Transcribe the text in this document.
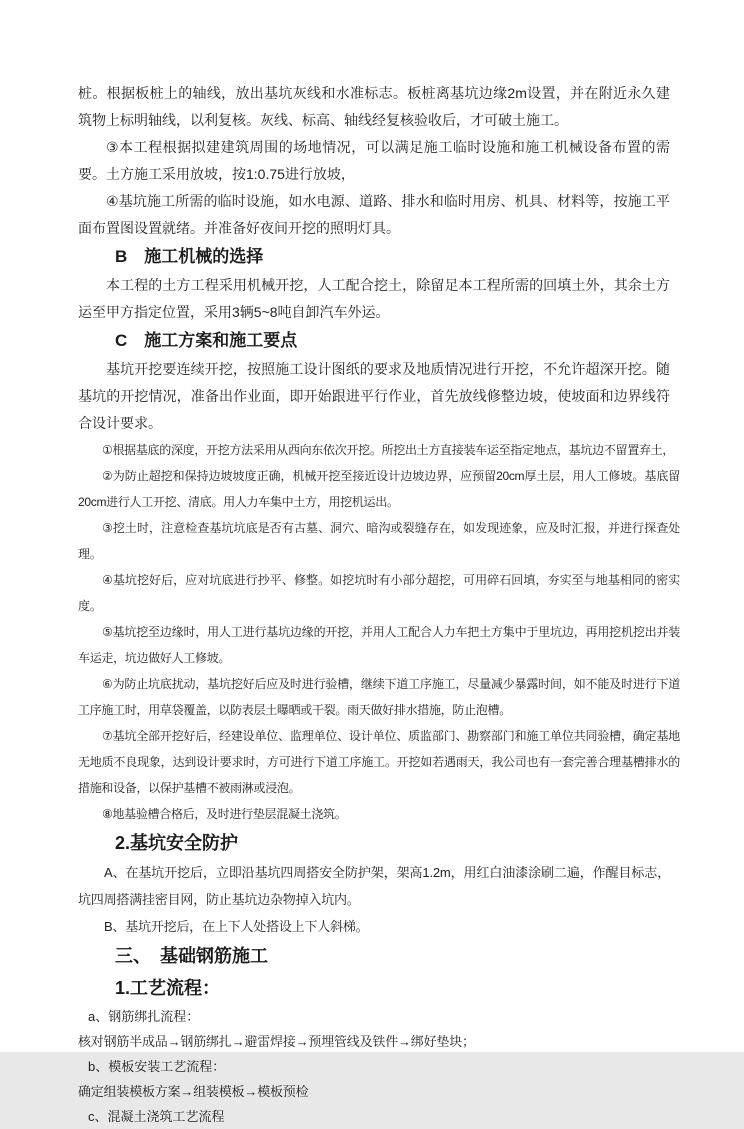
桩。根据板桩上的轴线，放出基坑灰线和水准标志。板桩离基坑边缘2m设置，并在附近永久建筑物上标明轴线，以利复核。灰线、标高、轴线经复核验收后，才可破土施工。

③本工程根据拟建建筑周围的场地情况，可以满足施工临时设施和施工机械设备布置的需要。土方施工采用放坡，按1:0.75进行放坡，

④基坑施工所需的临时设施，如水电源、道路、排水和临时用房、机具、材料等，按施工平面布置图设置就绪。并准备好夜间开挖的照明灯具。

B　施工机械的选择

本工程的土方工程采用机械开挖，人工配合挖土，除留足本工程所需的回填土外，其余土方运至甲方指定位置，采用3辆5~8吨自卸汽车外运。

C　施工方案和施工要点

基坑开挖要连续开挖，按照施工设计图纸的要求及地质情况进行开挖，不允许超深开挖。随基坑的开挖情况，准备出作业面，即开始跟进平行作业，首先放线修整边坡，使坡面和边界线符合设计要求。

①根据基底的深度，开挖方法采用从西向东依次开挖。所挖出土方直接装车运至指定地点，基坑边不留置弃土，

②为防止超挖和保持边坡坡度正确，机械开挖至接近设计边坡边界，应预留20cm厚土层，用人工修坡。基底留20cm进行人工开挖、清底。用人力车集中土方，用挖机运出。

③挖土时，注意检查基坑坑底是否有古墓、洞穴、暗沟或裂缝存在，如发现迹象，应及时汇报，并进行探查处理。

④基坑挖好后，应对坑底进行抄平、修整。如挖坑时有小部分超挖，可用碎石回填，夯实至与地基相同的密实度。

⑤基坑挖至边缘时，用人工进行基坑边缘的开挖，并用人工配合人力车把土方集中于里坑边，再用挖机挖出并装车运走，坑边做好人工修坡。

⑥为防止坑底扰动，基坑挖好后应及时进行验槽，继续下道工序施工，尽量减少暴露时间，如不能及时进行下道工序施工时，用草袋覆盖，以防表层土曝晒或干裂。雨天做好排水措施，防止泡槽。

⑦基坑全部开挖好后，经建设单位、监理单位、设计单位、质监部门、勘察部门和施工单位共同验槽，确定基地无地质不良现象，达到设计要求时，方可进行下道工序施工。开挖如若遇雨天，我公司也有一套完善合理基槽排水的措施和设备，以保护基槽不被雨淋或浸泡。

⑧地基验槽合格后，及时进行垫层混凝土浇筑。

2.基坑安全防护

A、在基坑开挖后，立即沿基坑四周搭安全防护架，架高1.2m，用红白油漆涂刷二遍，作醒目标志，坑四周搭满挂密目网，防止基坑边杂物掉入坑内。

B、基坑开挖后，在上下人处搭设上下人斜梯。

三、　基础钢筋施工

1.工艺流程：

a、钢筋绑扎流程：

核对钢筋半成品→钢筋绑扎→避雷焊接→预埋管线及铁件→绑好垫块；

b、模板安装工艺流程：

确定组装模板方案→组装模板→模板预检

c、混凝土浇筑工艺流程
